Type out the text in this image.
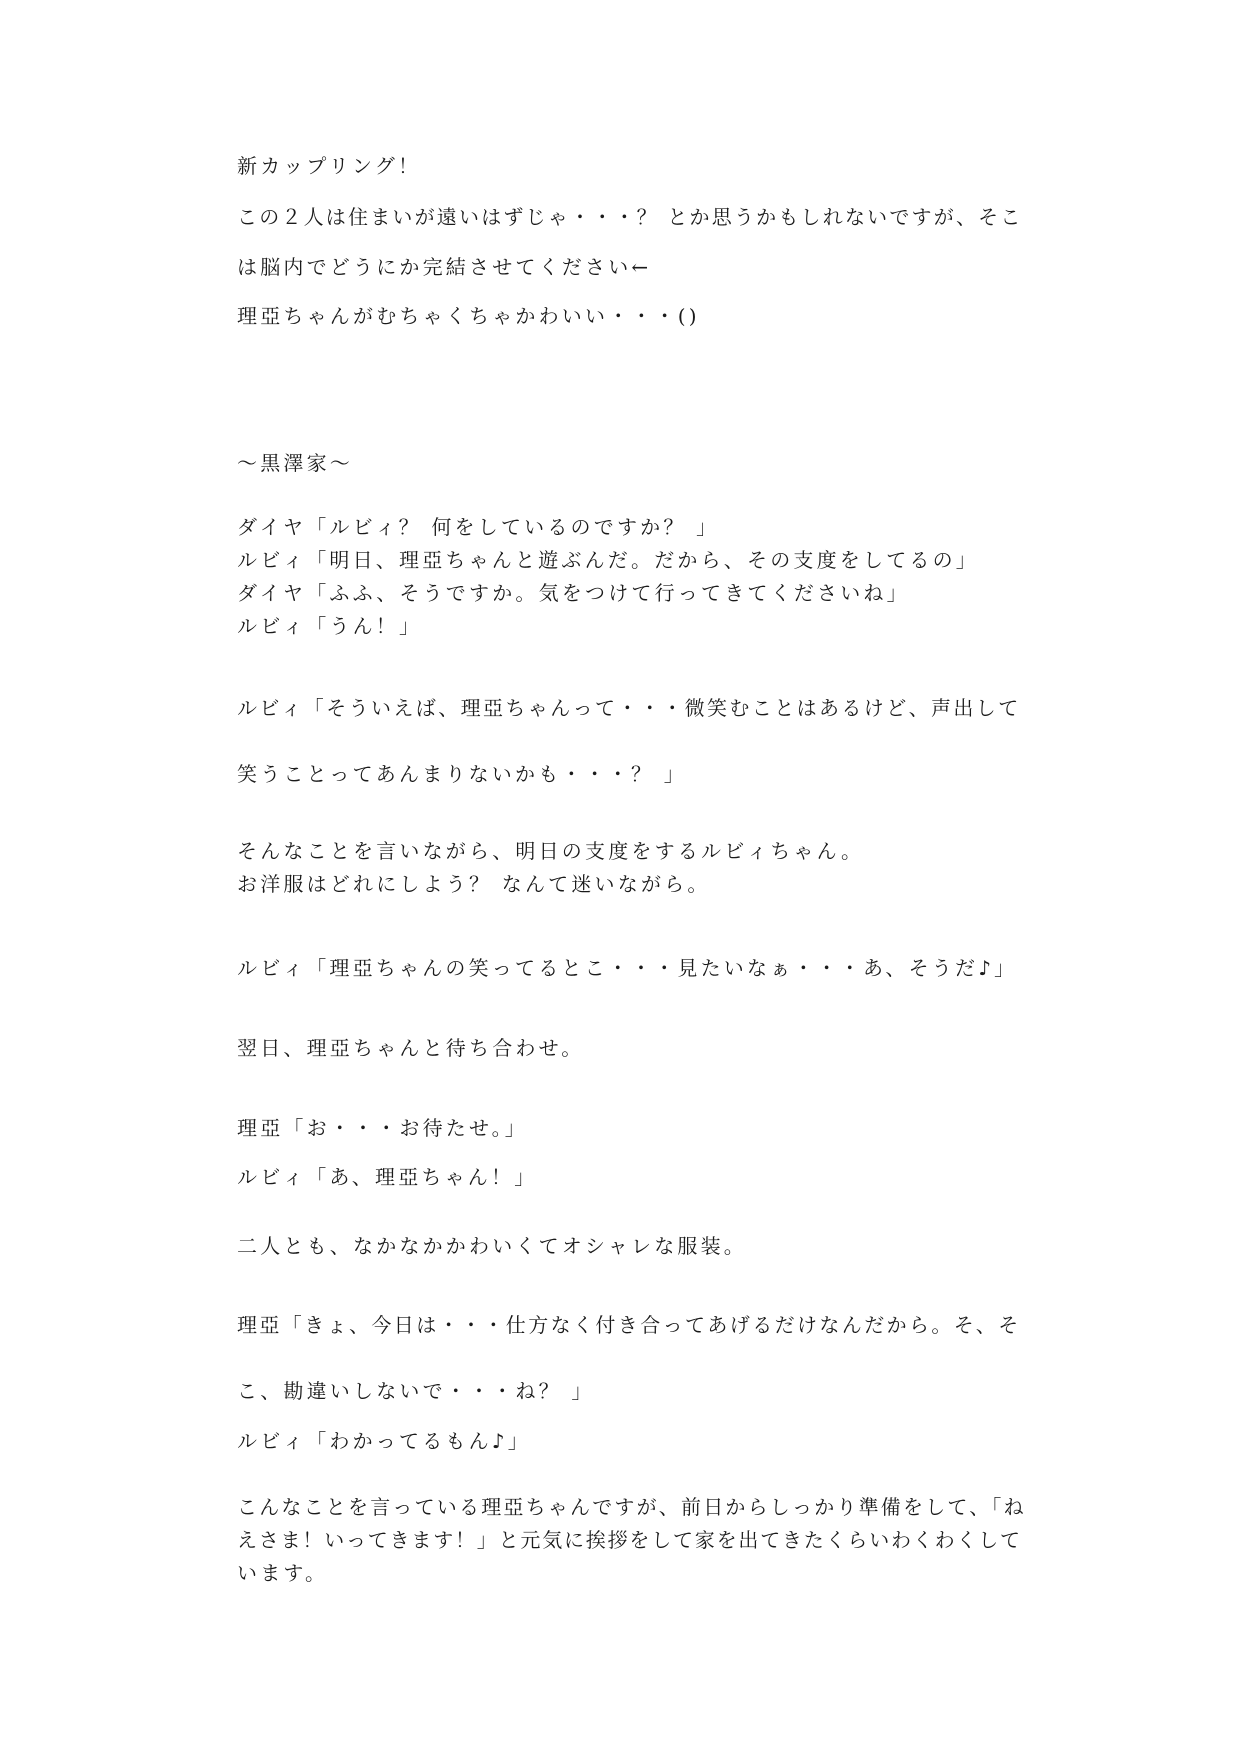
新カップリング！
この２人は住まいが遠いはずじゃ・・・？ とか思うかもしれないですが、そこ
は脳内でどうにか完結させてください←
理亞ちゃんがむちゃくちゃかわいい・・・()
～黒澤家～
ダイヤ「ルビィ？ 何をしているのですか？ 」
ルビィ「明日、理亞ちゃんと遊ぶんだ。だから、その支度をしてるの」
ダイヤ「ふふ、そうですか。気をつけて行ってきてくださいね」
ルビィ「うん！」
ルビィ「そういえば、理亞ちゃんって・・・微笑むことはあるけど、声出して
笑うことってあんまりないかも・・・？ 」
そんなことを言いながら、明日の支度をするルビィちゃん。
お洋服はどれにしよう？ なんて迷いながら。
ルビィ「理亞ちゃんの笑ってるとこ・・・見たいなぁ・・・あ、そうだ♪」
翌日、理亞ちゃんと待ち合わせ。
理亞「お・・・お待たせ。」
ルビィ「あ、理亞ちゃん！」
二人とも、なかなかかわいくてオシャレな服装。
理亞「きょ、今日は・・・仕方なく付き合ってあげるだけなんだから。そ、そ
こ、勘違いしないで・・・ね？ 」
ルビィ「わかってるもん♪」
こんなことを言っている理亞ちゃんですが、前日からしっかり準備をして、「ね
えさま！いってきます！」と元気に挨拶をして家を出てきたくらいわくわくして
います。
